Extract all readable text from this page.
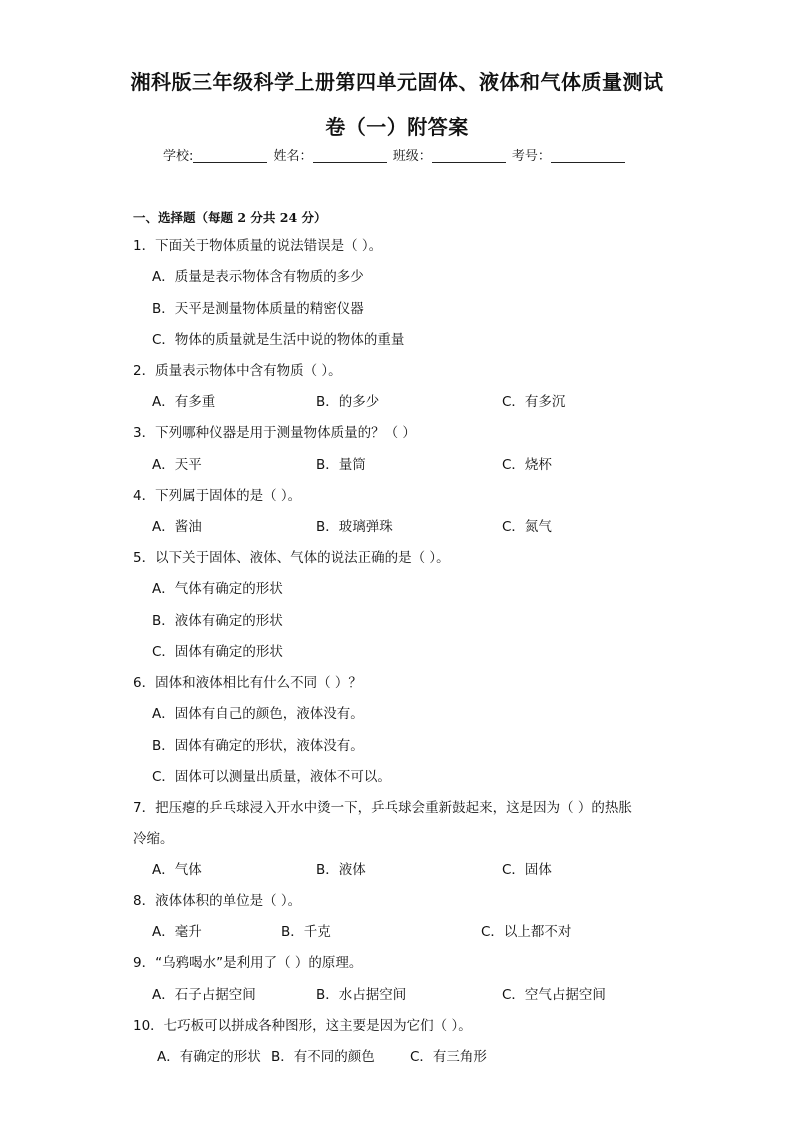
湘科版三年级科学上册第四单元固体、液体和气体质量测试
卷（一）附答案
学校:	姓名：	班级：	考号：
一、选择题（每题 2 分共 24 分）
1．下面关于物体质量的说法错误是（ ）。
A．质量是表示物体含有物质的多少
B．天平是测量物体质量的精密仪器
C．物体的质量就是生活中说的物体的重量
2．质量表示物体中含有物质（ ）。
A．有多重	B．的多少	C．有多沉
3．下列哪种仪器是用于测量物体质量的？（ ）
A．天平	B．量筒	C．烧杯
4．下列属于固体的是（ ）。
A．酱油	B．玻璃弹珠	C．氮气
5．以下关于固体、液体、气体的说法正确的是（ ）。
A．气体有确定的形状
B．液体有确定的形状
C．固体有确定的形状
6．固体和液体相比有什么不同（ ）？
A．固体有自己的颜色，液体没有。
B．固体有确定的形状，液体没有。
C．固体可以测量出质量，液体不可以。
7．把压瘪的乒乓球浸入开水中烫一下，乒乓球会重新鼓起来，这是因为（ ）的热胀
冷缩。
A．气体	B．液体	C．固体
8．液体体积的单位是（ ）。
A．毫升	B．千克	C．以上都不对
9．“乌鸦喝水”是利用了（ ）的原理。
A．石子占据空间	B．水占据空间	C．空气占据空间
10．七巧板可以拼成各种图形，这主要是因为它们（ ）。
A．有确定的形状 B．有不同的颜色	C．有三角形
